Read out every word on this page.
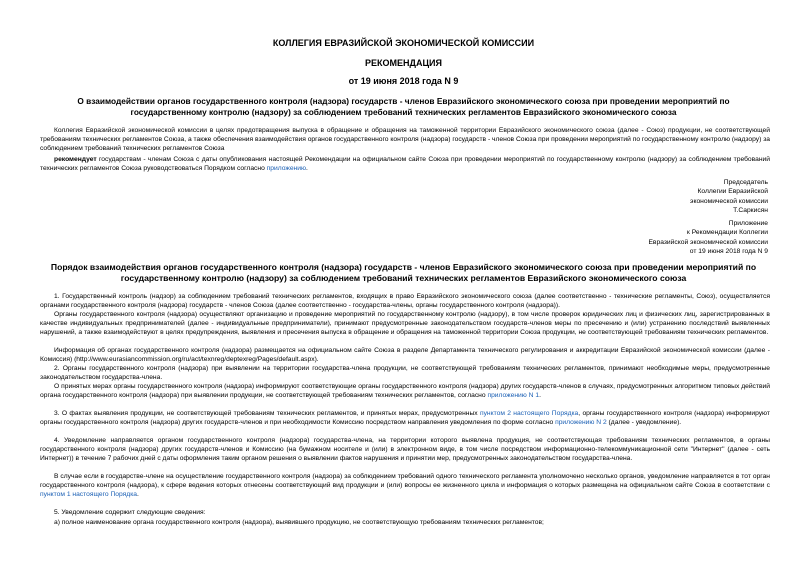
КОЛЛЕГИЯ ЕВРАЗИЙСКОЙ ЭКОНОМИЧЕСКОЙ КОМИССИИ
РЕКОМЕНДАЦИЯ
от 19 июня 2018 года N 9
О взаимодействии органов государственного контроля (надзора) государств - членов Евразийского экономического союза при проведении мероприятий по
государственному контролю (надзору) за соблюдением требований технических регламентов Евразийского экономического союза

Коллегия Евразийской экономической комиссии в целях предотвращения выпуска в обращение и обращения на таможенной территории Евразийского экономического союза (далее - Союз) продукции, не соответствующей требованиям технических регламентов Союза, а также обеспечения взаимодействия органов государственного контроля (надзора) государств - членов Союза при проведении мероприятий по государственному контролю (надзору) за соблюдением требований технических регламентов Союза

рекомендует государствам - членам Союза с даты опубликования настоящей Рекомендации на официальном сайте Союза при проведении мероприятий по государственному контролю (надзору) за соблюдением требований технических регламентов Союза руководствоваться Порядком согласно приложению.

Председатель
Коллегии Евразийской
экономической комиссии
Т.Саркисян
Приложение
к Рекомендации Коллегии
Евразийской экономической комиссии
от 19 июня 2018 года N 9
Порядок взаимодействия органов государственного контроля (надзора) государств - членов Евразийского экономического союза при проведении мероприятий по
государственному контролю (надзору) за соблюдением требований технических регламентов Евразийского экономического союза

1. Государственный контроль (надзор) за соблюдением требований технических регламентов, входящих в право Евразийского экономического союза (далее соответственно - технические регламенты, Союз), осуществляется органами государственного контроля (надзора) государств - членов Союза (далее соответственно - государства-члены, органы государственного контроля (надзора)).

Органы государственного контроля (надзора) осуществляют организацию и проведение мероприятий по государственному контролю (надзору), в том числе проверок юридических лиц и физических лиц, зарегистрированных в качестве индивидуальных предпринимателей (далее - индивидуальные предприниматели), принимают предусмотренные законодательством государств-членов меры по пресечению и (или) устранению последствий выявленных нарушений, а также взаимодействуют в целях предупреждения, выявления и пресечения выпуска в обращение и обращения на таможенной территории Союза продукции, не соответствующей требованиям технических регламентов.

Информация об органах государственного контроля (надзора) размещается на официальном сайте Союза в разделе Департамента технического регулирования и аккредитации Евразийской экономической комиссии (далее - Комиссия) (http://www.eurasiancommission.org/ru/act/texnreg/deptexreg/Pages/default.aspx).

2. Органы государственного контроля (надзора) при выявлении на территории государства-члена продукции, не соответствующей требованиям технических регламентов, принимают необходимые меры, предусмотренные законодательством государства-члена.

О принятых мерах органы государственного контроля (надзора) информируют соответствующие органы государственного контроля (надзора) других государств-членов в случаях, предусмотренных алгоритмом типовых действий органа государственного контроля (надзора) при выявлении продукции, не соответствующей требованиям технических регламентов, согласно приложению N 1.

3. О фактах выявления продукции, не соответствующей требованиям технических регламентов, и принятых мерах, предусмотренных пунктом 2 настоящего Порядка, органы государственного контроля (надзора) информируют органы государственного контроля (надзора) других государств-членов и при необходимости Комиссию посредством направления уведомления по форме согласно приложению N 2 (далее - уведомление).

4. Уведомление направляется органом государственного контроля (надзора) государства-члена, на территории которого выявлена продукция, не соответствующая требованиям технических регламентов, в органы государственного контроля (надзора) других государств-членов и Комиссию (на бумажном носителе и (или) в электронном виде, в том числе посредством информационно-телекоммуникационной сети "Интернет" (далее - сеть Интернет)) в течение 7 рабочих дней с даты оформления таким органом решения о выявлении фактов нарушения и принятии мер, предусмотренных законодательством государства-члена.

В случае если в государстве-члене на осуществление государственного контроля (надзора) за соблюдением требований одного технического регламента уполномочено несколько органов, уведомление направляется в тот орган государственного контроля (надзора), к сфере ведения которых отнесены соответствующий вид продукции и (или) вопросы ее жизненного цикла и информация о которых размещена на официальном сайте Союза в соответствии с пунктом 1 настоящего Порядка.

5. Уведомление содержит следующие сведения:

а) полное наименование органа государственного контроля (надзора), выявившего продукцию, не соответствующую требованиям технических регламентов;
